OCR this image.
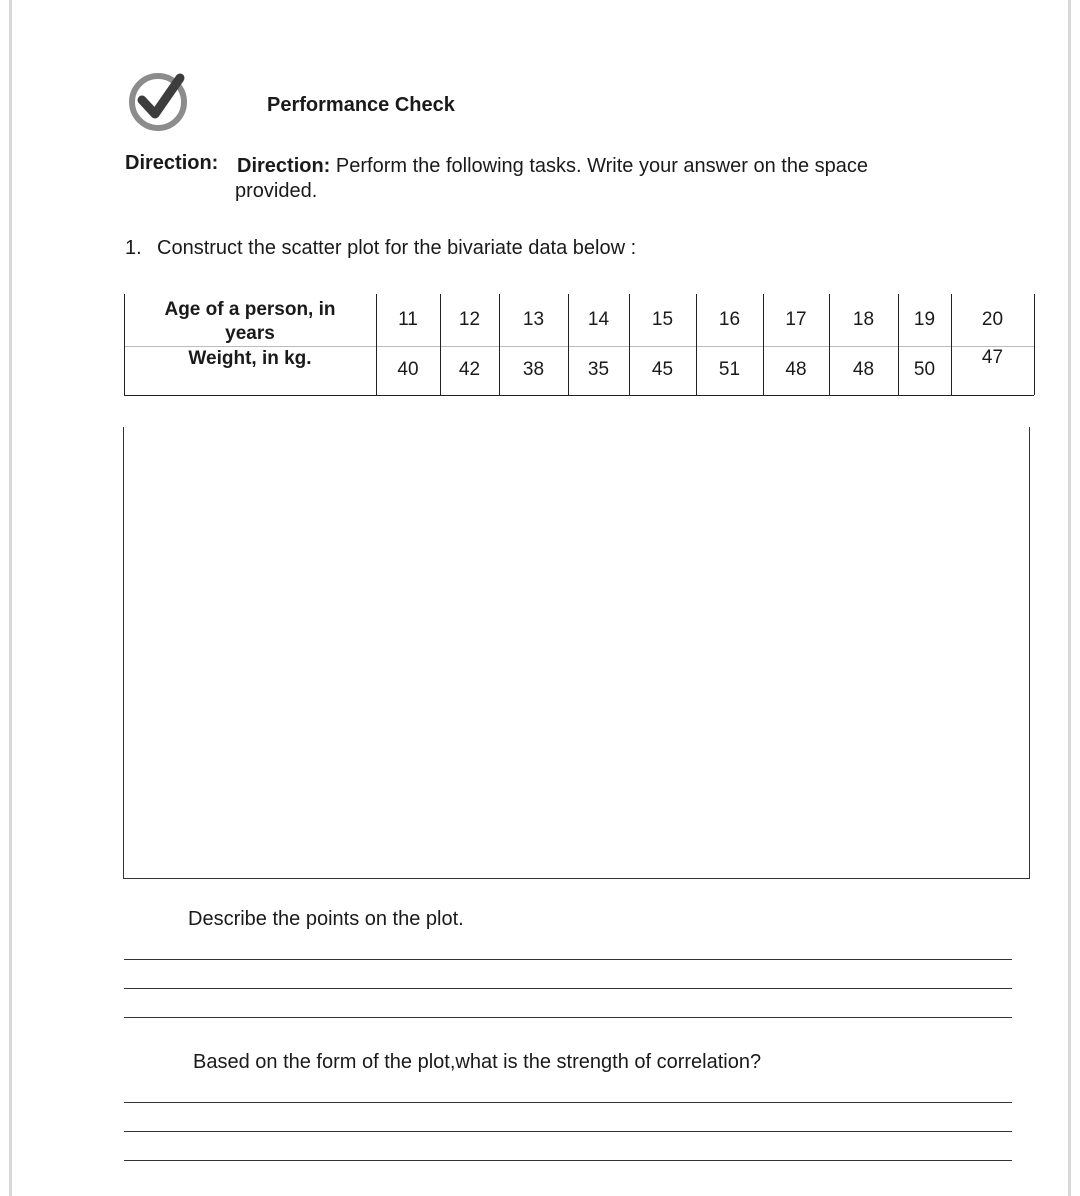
Performance Check
Direction: Direction: Perform the following tasks. Write your answer on the space
provided.
1. Construct the scatter plot for the bivariate data below :
Age of a person, in
years
Weight, in kg.
11
40
12
42
13
38
14
35
15
45
16
51
17
48
18
48
19
50
20
47
Describe the points on the plot.
Based on the form of the plot,what is the strength of correlation?
